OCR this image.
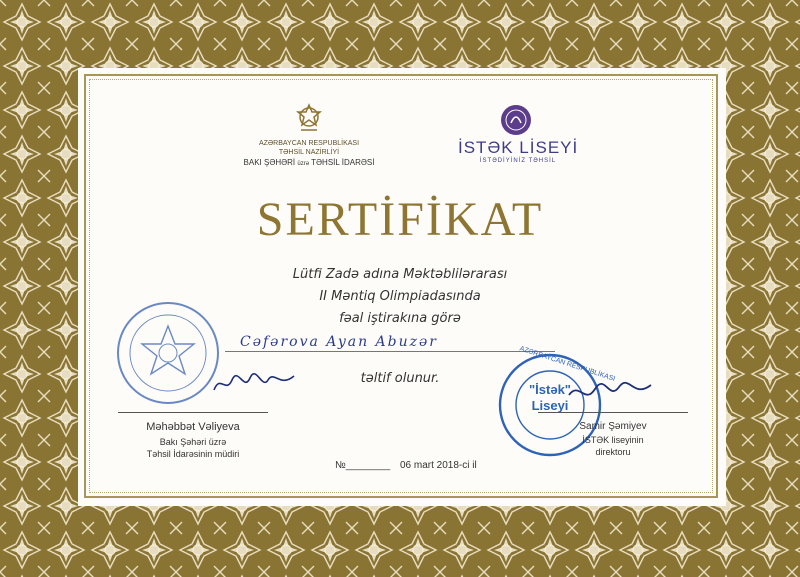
AZƏRBAYCAN RESPUBLİKASI
TƏHSİL NAZİRLİYİ
BAKI ŞƏHƏRİ üzrə TƏHSİL İDARƏSİ
İSTƏK LİSEYİ
İSTƏDİYİNİZ TƏHSİL
SERTİFİKAT
Lütfi Zadə adına Məktəblilərarası
II Məntiq Olimpiadasında
fəal iştirakına görə
Cəfərova Ayan Abuzər
təltif olunur.
Məhəbbət Vəliyeva
Bakı Şəhəri üzrə
Təhsil İdarəsinin müdiri
"İstək"
Liseyi
AZƏRBAYCAN RESPUBLİKASI
Samir Şəmiyev
İSTƏK liseyinin
direktoru
№________ 06 mart 2018-ci il
